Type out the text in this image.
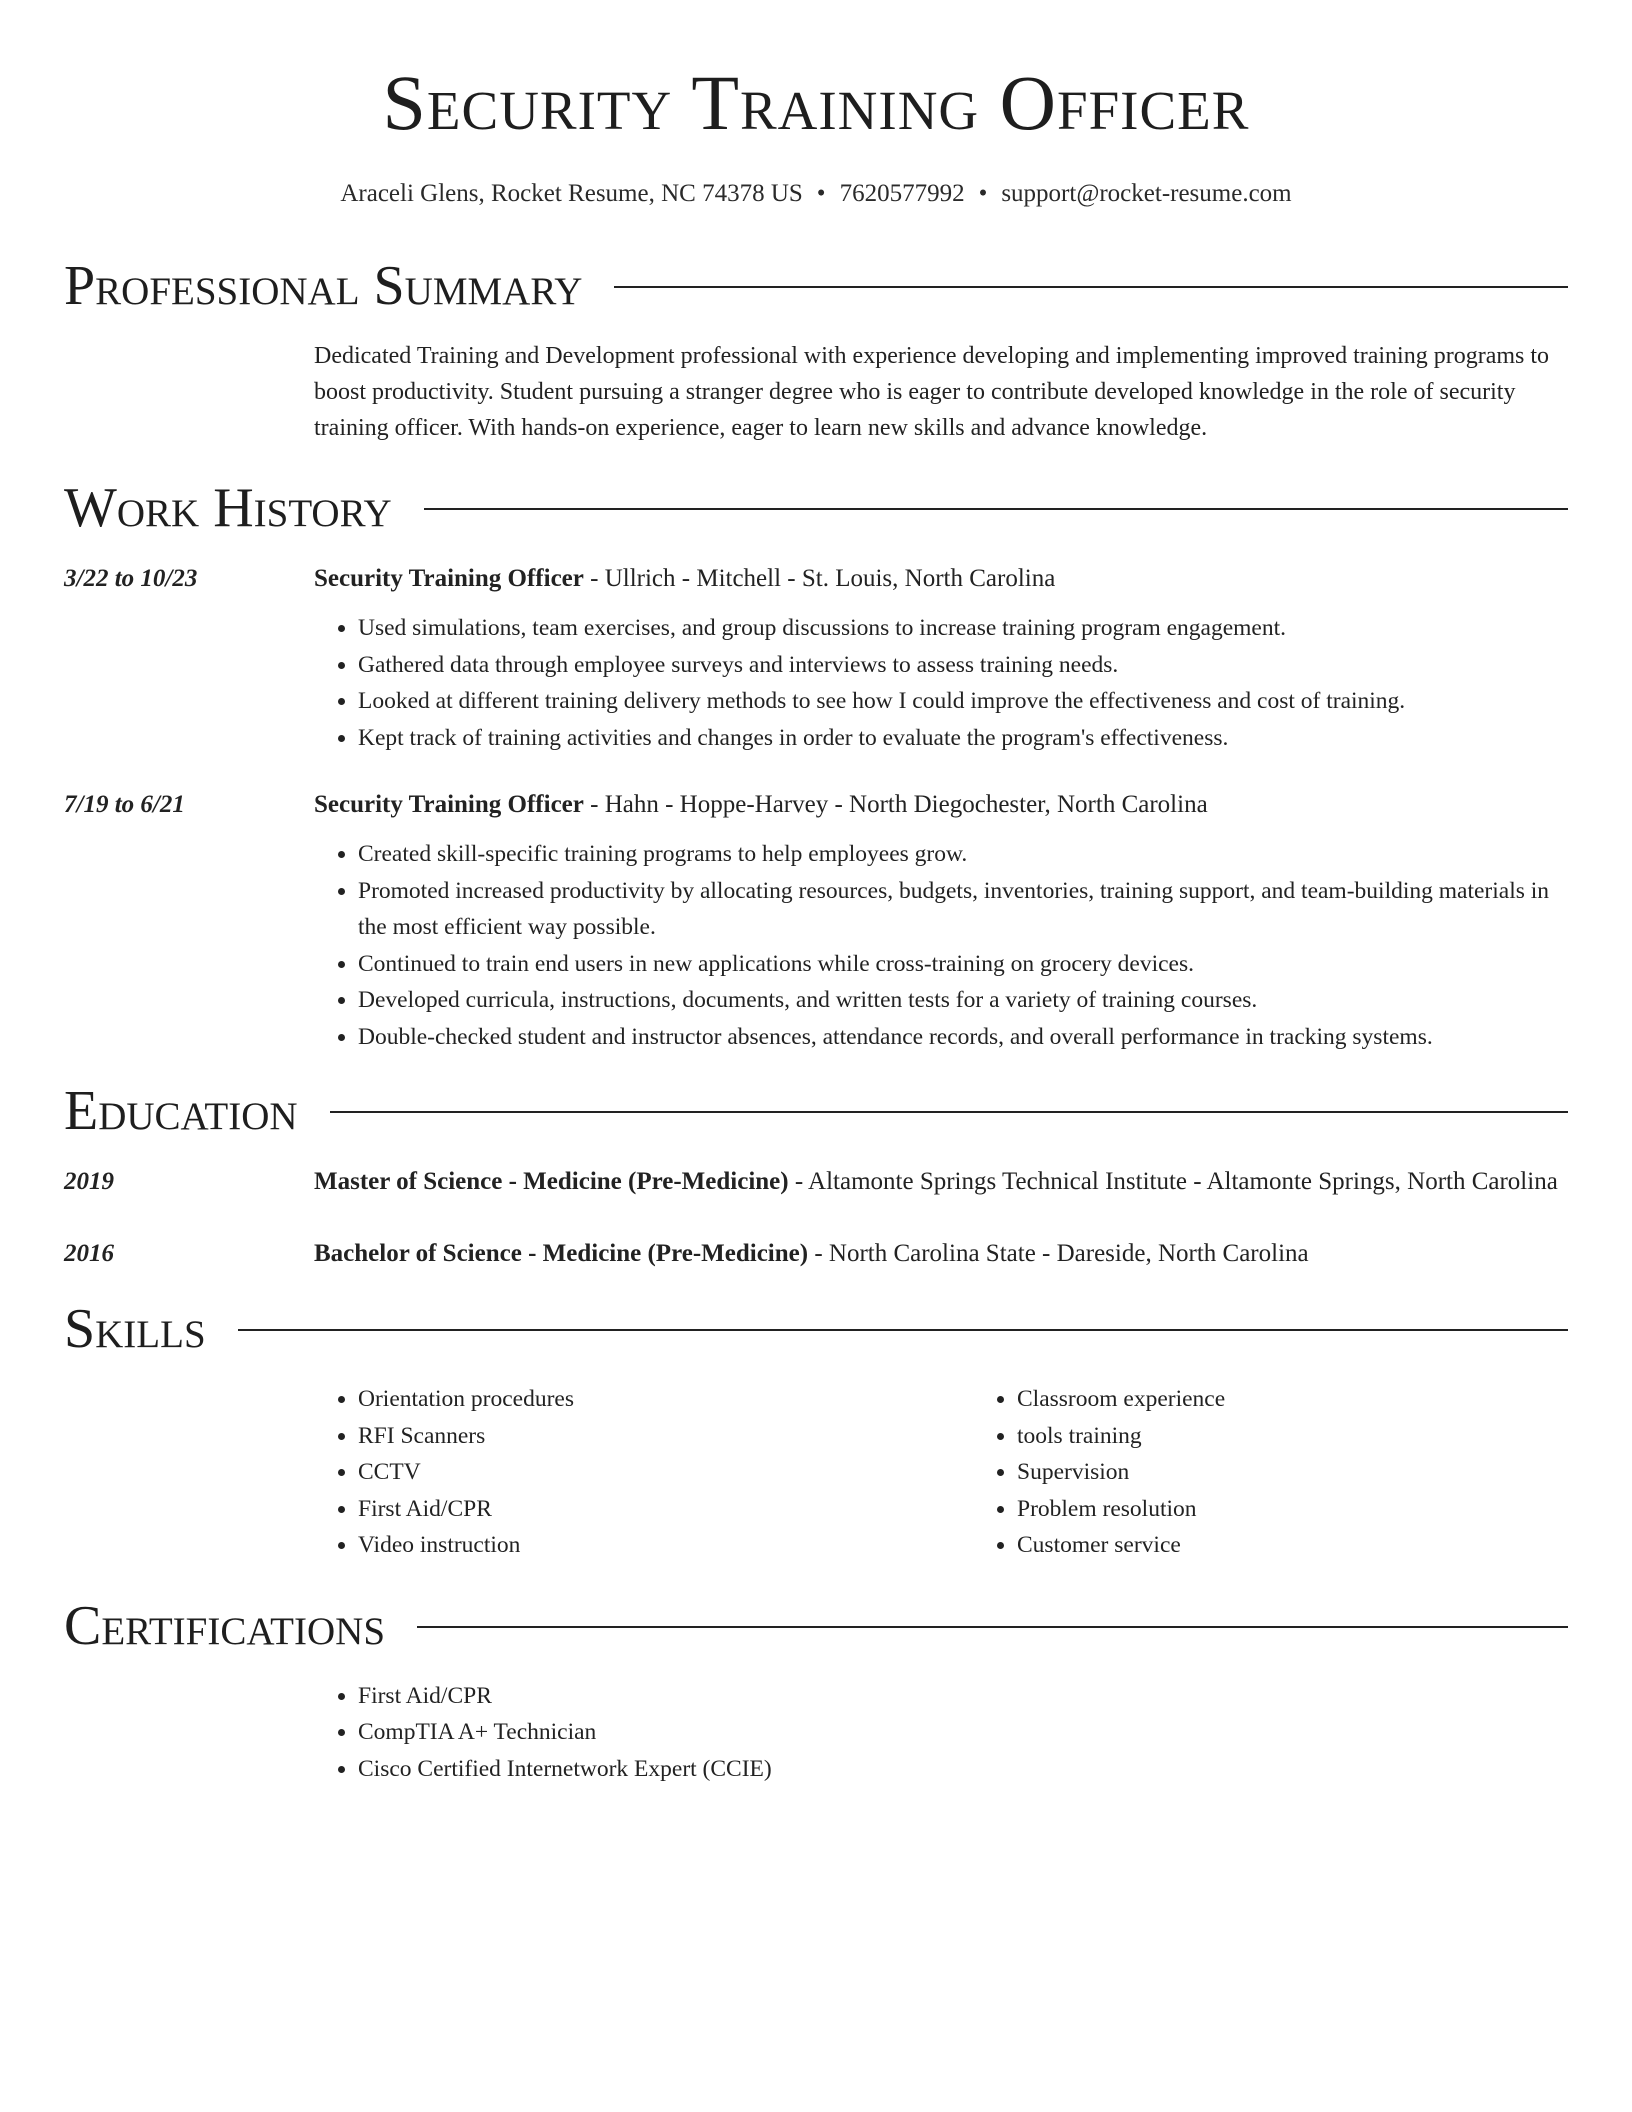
Security Training Officer
Araceli Glens, Rocket Resume, NC 74378 US • 7620577992 • support@rocket-resume.com
Professional Summary
Dedicated Training and Development professional with experience developing and implementing improved training programs to boost productivity. Student pursuing a stranger degree who is eager to contribute developed knowledge in the role of security training officer. With hands-on experience, eager to learn new skills and advance knowledge.
Work History
3/22 to 10/23	Security Training Officer - Ullrich - Mitchell - St. Louis, North Carolina
• Used simulations, team exercises, and group discussions to increase training program engagement.
• Gathered data through employee surveys and interviews to assess training needs.
• Looked at different training delivery methods to see how I could improve the effectiveness and cost of training.
• Kept track of training activities and changes in order to evaluate the program's effectiveness.
7/19 to 6/21	Security Training Officer - Hahn - Hoppe-Harvey - North Diegochester, North Carolina
• Created skill-specific training programs to help employees grow.
• Promoted increased productivity by allocating resources, budgets, inventories, training support, and team-building materials in the most efficient way possible.
• Continued to train end users in new applications while cross-training on grocery devices.
• Developed curricula, instructions, documents, and written tests for a variety of training courses.
• Double-checked student and instructor absences, attendance records, and overall performance in tracking systems.
Education
2019	Master of Science - Medicine (Pre-Medicine) - Altamonte Springs Technical Institute - Altamonte Springs, North Carolina
2016	Bachelor of Science - Medicine (Pre-Medicine) - North Carolina State - Dareside, North Carolina
Skills
• Orientation procedures
• RFI Scanners
• CCTV
• First Aid/CPR
• Video instruction
• Classroom experience
• tools training
• Supervision
• Problem resolution
• Customer service
Certifications
• First Aid/CPR
• CompTIA A+ Technician
• Cisco Certified Internetwork Expert (CCIE)
